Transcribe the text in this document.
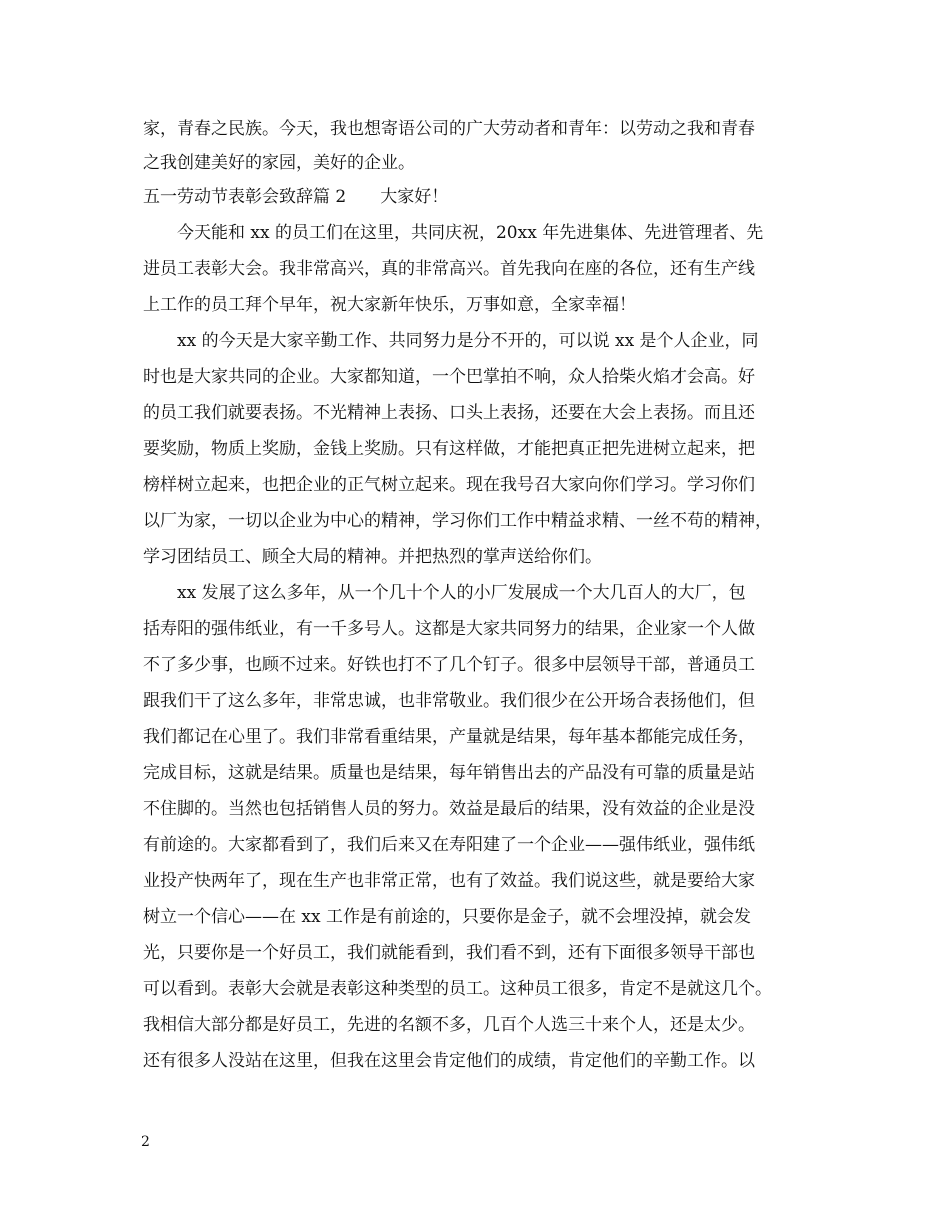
家，青春之民族。今天，我也想寄语公司的广大劳动者和青年：以劳动之我和青春
之我创建美好的家园，美好的企业。
五一劳动节表彰会致辞篇 2　　大家好！
　　今天能和 xx 的员工们在这里，共同庆祝，20xx 年先进集体、先进管理者、先
进员工表彰大会。我非常高兴，真的非常高兴。首先我向在座的各位，还有生产线
上工作的员工拜个早年，祝大家新年快乐，万事如意，全家幸福！
　　xx 的今天是大家辛勤工作、共同努力是分不开的，可以说 xx 是个人企业，同
时也是大家共同的企业。大家都知道，一个巴掌拍不响，众人拾柴火焰才会高。好
的员工我们就要表扬。不光精神上表扬、口头上表扬，还要在大会上表扬。而且还
要奖励，物质上奖励，金钱上奖励。只有这样做，才能把真正把先进树立起来，把
榜样树立起来，也把企业的正气树立起来。现在我号召大家向你们学习。学习你们
以厂为家，一切以企业为中心的精神，学习你们工作中精益求精、一丝不苟的精神，
学习团结员工、顾全大局的精神。并把热烈的掌声送给你们。
　　xx 发展了这么多年，从一个几十个人的小厂发展成一个大几百人的大厂，包
括寿阳的强伟纸业，有一千多号人。这都是大家共同努力的结果，企业家一个人做
不了多少事，也顾不过来。好铁也打不了几个钉子。很多中层领导干部，普通员工
跟我们干了这么多年，非常忠诚，也非常敬业。我们很少在公开场合表扬他们，但
我们都记在心里了。我们非常看重结果，产量就是结果，每年基本都能完成任务，
完成目标，这就是结果。质量也是结果，每年销售出去的产品没有可靠的质量是站
不住脚的。当然也包括销售人员的努力。效益是最后的结果，没有效益的企业是没
有前途的。大家都看到了，我们后来又在寿阳建了一个企业——强伟纸业，强伟纸
业投产快两年了，现在生产也非常正常，也有了效益。我们说这些，就是要给大家
树立一个信心——在 xx 工作是有前途的，只要你是金子，就不会埋没掉，就会发
光，只要你是一个好员工，我们就能看到，我们看不到，还有下面很多领导干部也
可以看到。表彰大会就是表彰这种类型的员工。这种员工很多，肯定不是就这几个。
我相信大部分都是好员工，先进的名额不多，几百个人选三十来个人，还是太少。
还有很多人没站在这里，但我在这里会肯定他们的成绩，肯定他们的辛勤工作。以
2
